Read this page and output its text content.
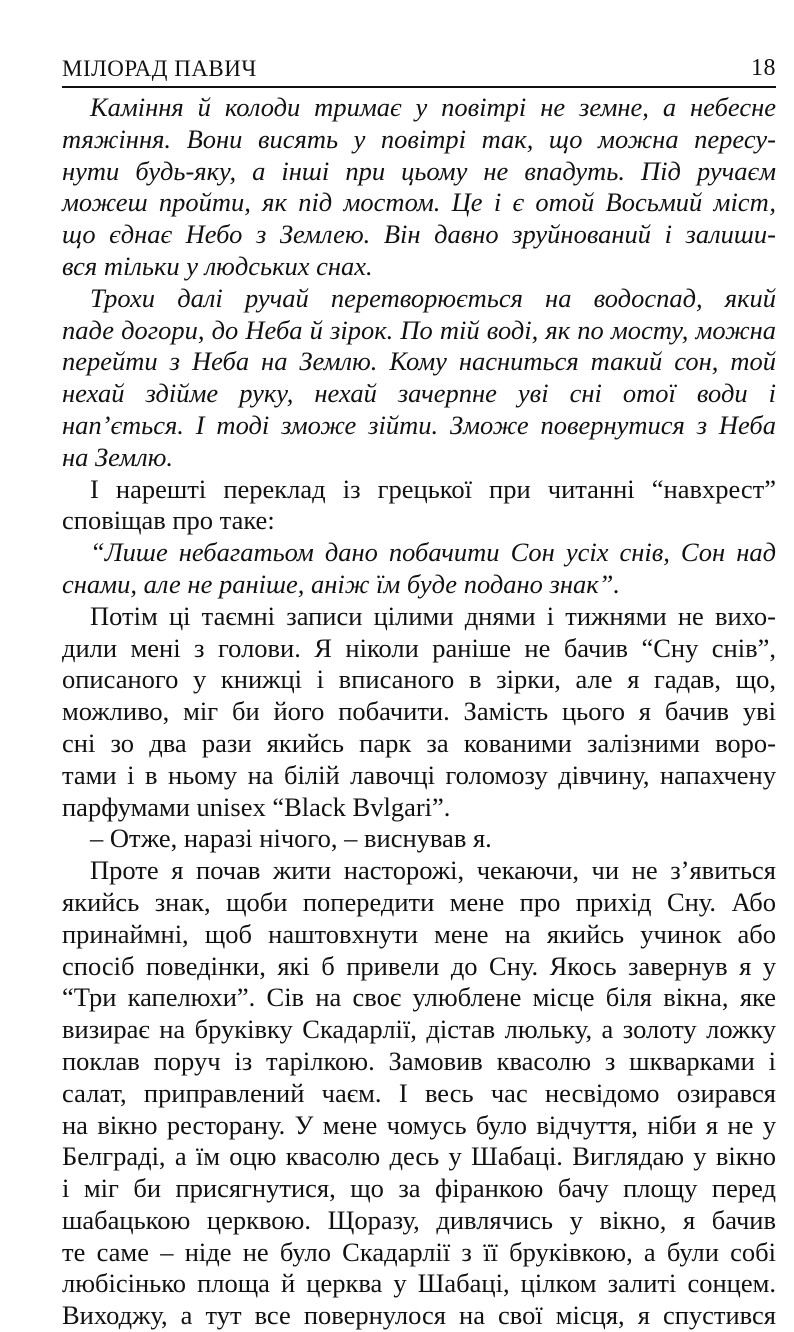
МІЛОРАД ПАВИЧ	18
Каміння й колоди тримає у повітрі не земне, а небесне
тяжіння. Вони висять у повітрі так, що можна пересу-
нути будь-яку, а інші при цьому не впадуть. Під ручаєм
можеш пройти, як під мостом. Це і є отой Восьмий міст,
що єднає Небо з Землею. Він давно зруйнований і залиши-
вся тільки у людських снах.
Трохи далі ручай перетворюється на водоспад, який
паде догори, до Неба й зірок. По тій воді, як по мосту, можна
перейти з Неба на Землю. Кому насниться такий сон, той
нехай здійме руку, нехай зачерпне уві сні отої води і
нап’ється. І тоді зможе зійти. Зможе повернутися з Неба
на Землю.
І нарешті переклад із грецької при читанні “навхрест”
сповіщав про таке:
“Лише небагатьом дано побачити Сон усіх снів, Сон над
снами, але не раніше, аніж їм буде подано знак”.
Потім ці таємні записи цілими днями і тижнями не вихо-
дили мені з голови. Я ніколи раніше не бачив “Сну снів”,
описаного у книжці і вписаного в зірки, але я гадав, що,
можливо, міг би його побачити. Замість цього я бачив уві
сні зо два рази якийсь парк за кованими залізними воро-
тами і в ньому на білій лавочці голомозу дівчину, напахчену
парфумами unisex “Black Bvlgari”.
– Отже, наразі нічого, – виснував я.
Проте я почав жити насторожі, чекаючи, чи не з’явиться
якийсь знак, щоби попередити мене про прихід Сну. Або
принаймні, щоб наштовхнути мене на якийсь учинок або
спосіб поведінки, які б привели до Сну. Якось завернув я у
“Три капелюхи”. Сів на своє улюблене місце біля вікна, яке
визирає на бруківку Скадарлії, дістав люльку, а золоту ложку
поклав поруч із тарілкою. Замовив квасолю з шкварками і
салат, приправлений чаєм. І весь час несвідомо озирався
на вікно ресторану. У мене чомусь було відчуття, ніби я не у
Белграді, а їм оцю квасолю десь у Шабаці. Виглядаю у вікно
і міг би присягнутися, що за фіранкою бачу площу перед
шабацькою церквою. Щоразу, дивлячись у вікно, я бачив
те саме – ніде не було Скадарлії з її бруківкою, а були собі
любісінько площа й церква у Шабаці, цілком залиті сонцем.
Виходжу, а тут все повернулося на свої місця, я спустився
